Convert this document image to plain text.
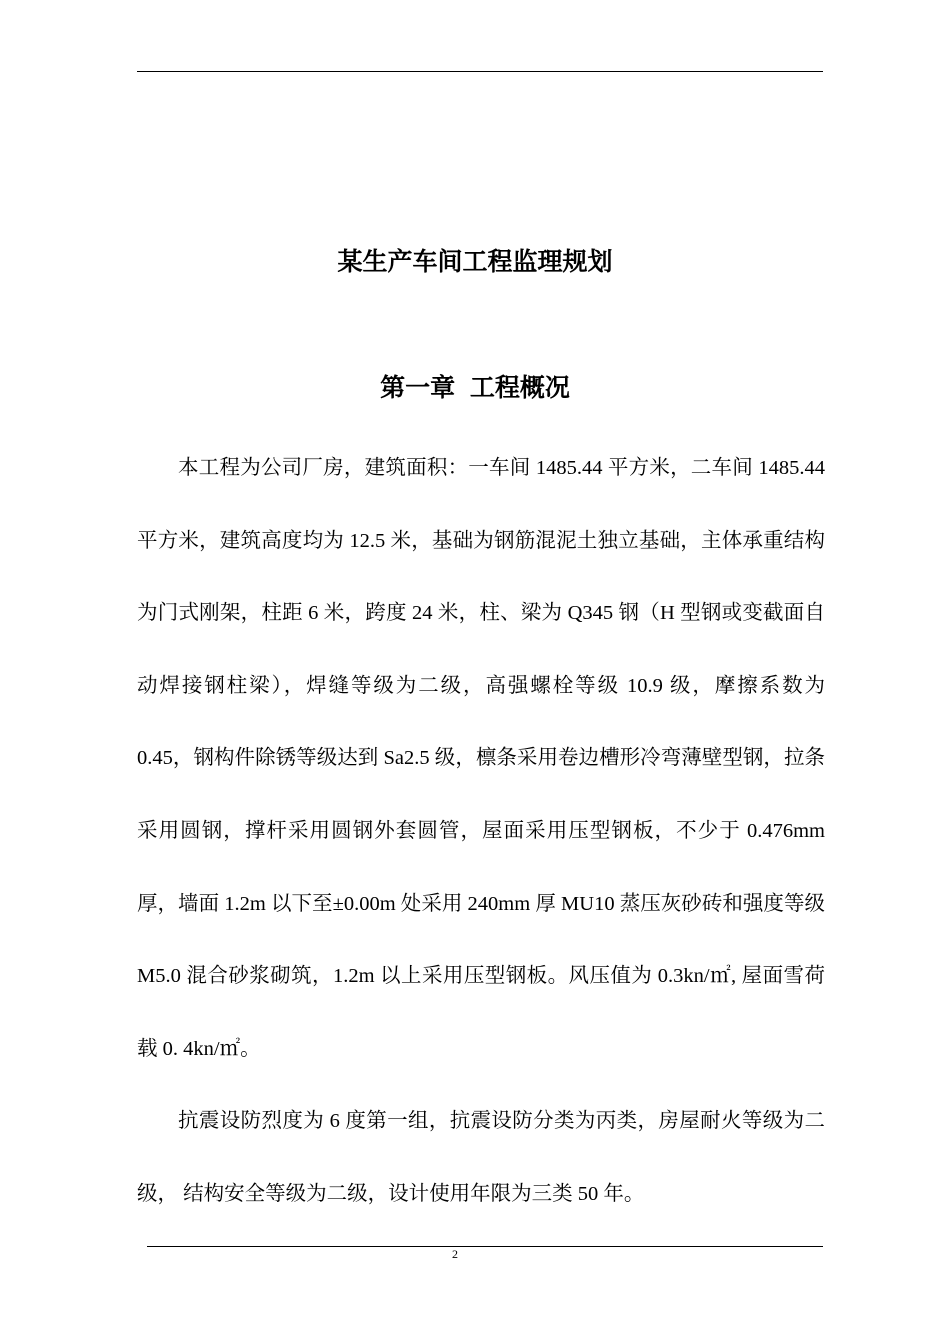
某生产车间工程监理规划
第一章 工程概况

本工程为公司厂房，建筑面积：一车间 1485.44 平方米，二车间 1485.44 平方米，建筑高度均为 12.5 米，基础为钢筋混泥土独立基础，主体承重结构为门式刚架，柱距 6 米，跨度 24 米，柱、梁为 Q345 钢（H 型钢或变截面自动焊接钢柱梁），焊缝等级为二级，高强螺栓等级 10.9 级，摩擦系数为 0.45，钢构件除锈等级达到 Sa2.5 级，檩条采用卷边槽形冷弯薄壁型钢，拉条采用圆钢，撑杆采用圆钢外套圆管，屋面采用压型钢板，不少于 0.476mm 厚，墙面 1.2m 以下至±0.00m 处采用 240mm 厚 MU10 蒸压灰砂砖和强度等级 M5.0 混合砂浆砌筑，1.2m 以上采用压型钢板。风压值为 0.3kn/㎡, 屋面雪荷载 0. 4kn/㎡。

抗震设防烈度为 6 度第一组，抗震设防分类为丙类，房屋耐火等级为二级， 结构安全等级为二级，设计使用年限为三类 50 年。

2
